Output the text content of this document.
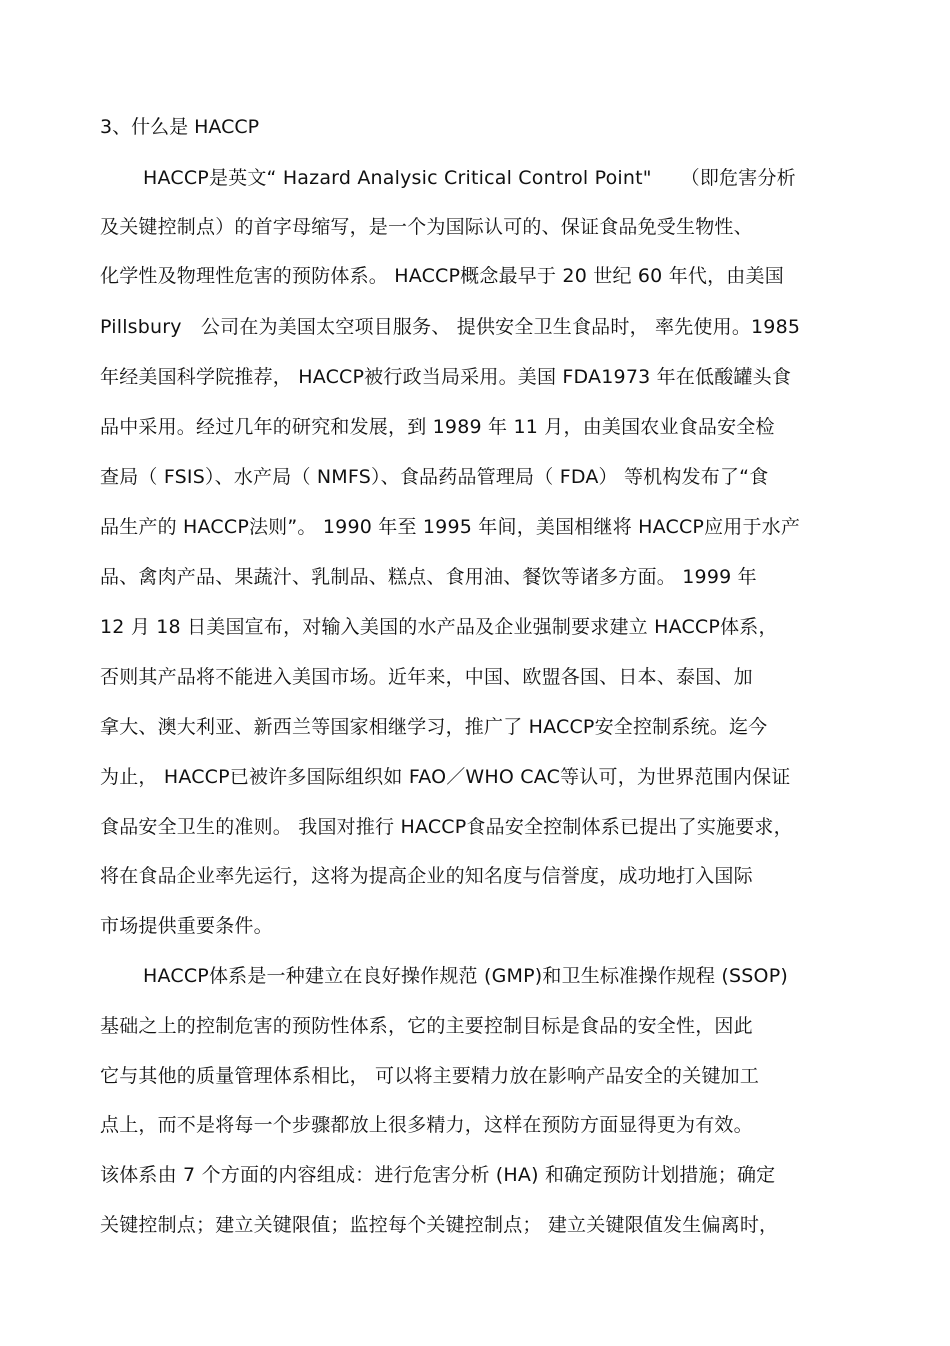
3、什么是 HACCP
HACCP是英文“ Hazard Analysic Critical Control Point"　　（即危害分析
及关键控制点）的首字母缩写，是一个为国际认可的、保证食品免受生物性、
化学性及物理性危害的预防体系。 HACCP概念最早于 20 世纪 60 年代，由美国
Pillsbury　公司在为美国太空项目服务、 提供安全卫生食品时， 率先使用。1985
年经美国科学院推荐， HACCP被行政当局采用。美国 FDA1973 年在低酸罐头食
品中采用。经过几年的研究和发展，到 1989 年 11 月，由美国农业食品安全检
查局（ FSIS）、水产局（ NMFS）、食品药品管理局（ FDA） 等机构发布了“食
品生产的 HACCP法则”。 1990 年至 1995 年间，美国相继将 HACCP应用于水产
品、禽肉产品、果蔬汁、乳制品、糕点、食用油、餐饮等诸多方面。 1999 年
12 月 18 日美国宣布，对输入美国的水产品及企业强制要求建立 HACCP体系，
否则其产品将不能进入美国市场。近年来，中国、欧盟各国、日本、泰国、加
拿大、澳大利亚、新西兰等国家相继学习，推广了 HACCP安全控制系统。迄今
为止， HACCP已被许多国际组织如 FAO／WHO CAC等认可，为世界范围内保证
食品安全卫生的准则。 我国对推行 HACCP食品安全控制体系已提出了实施要求，
将在食品企业率先运行，这将为提高企业的知名度与信誉度，成功地打入国际
市场提供重要条件。
HACCP体系是一种建立在良好操作规范 (GMP)和卫生标准操作规程 (SSOP)
基础之上的控制危害的预防性体系，它的主要控制目标是食品的安全性，因此
它与其他的质量管理体系相比， 可以将主要精力放在影响产品安全的关键加工
点上，而不是将每一个步骤都放上很多精力，这样在预防方面显得更为有效。
该体系由 7 个方面的内容组成：进行危害分析 (HA) 和确定预防计划措施；确定
关键控制点；建立关键限值；监控每个关键控制点； 建立关键限值发生偏离时，
